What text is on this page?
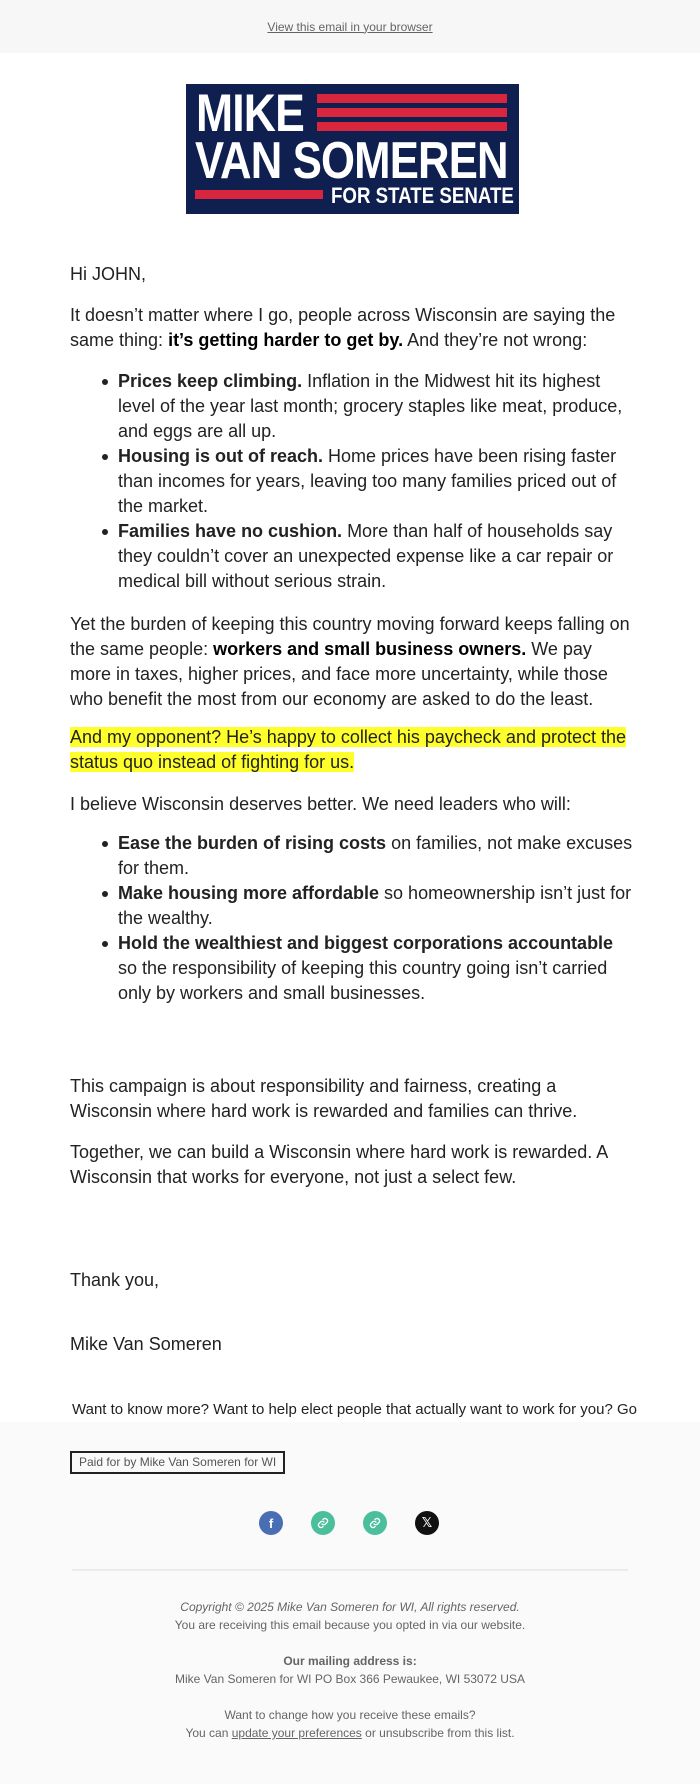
View this email in your browser
MIKE
VAN SOMEREN
FOR STATE SENATE
Hi JOHN,
It doesn’t matter where I go, people across Wisconsin are saying the same thing: it’s getting harder to get by. And they’re not wrong:
Prices keep climbing. Inflation in the Midwest hit its highest level of the year last month; grocery staples like meat, produce, and eggs are all up.
Housing is out of reach. Home prices have been rising faster than incomes for years, leaving too many families priced out of the market.
Families have no cushion. More than half of households say they couldn’t cover an unexpected expense like a car repair or medical bill without serious strain.
Yet the burden of keeping this country moving forward keeps falling on the same people: workers and small business owners. We pay more in taxes, higher prices, and face more uncertainty, while those who benefit the most from our economy are asked to do the least.
And my opponent? He’s happy to collect his paycheck and protect the status quo instead of fighting for us.
I believe Wisconsin deserves better. We need leaders who will:
Ease the burden of rising costs on families, not make excuses for them.
Make housing more affordable so homeownership isn’t just for the wealthy.
Hold the wealthiest and biggest corporations accountable so the responsibility of keeping this country going isn’t carried only by workers and small businesses.
This campaign is about responsibility and fairness, creating a Wisconsin where hard work is rewarded and families can thrive.
Together, we can build a Wisconsin where hard work is rewarded. A Wisconsin that works for everyone, not just a select few.
Thank you,
Mike Van Someren
Want to know more? Want to help elect people that actually want to work for you? Go
Paid for by Mike Van Someren for WI
f	𝕏
Copyright © 2025 Mike Van Someren for WI, All rights reserved.
You are receiving this email because you opted in via our website.
Our mailing address is:
Mike Van Someren for WI PO Box 366 Pewaukee, WI 53072 USA
Want to change how you receive these emails?
You can update your preferences or unsubscribe from this list.
